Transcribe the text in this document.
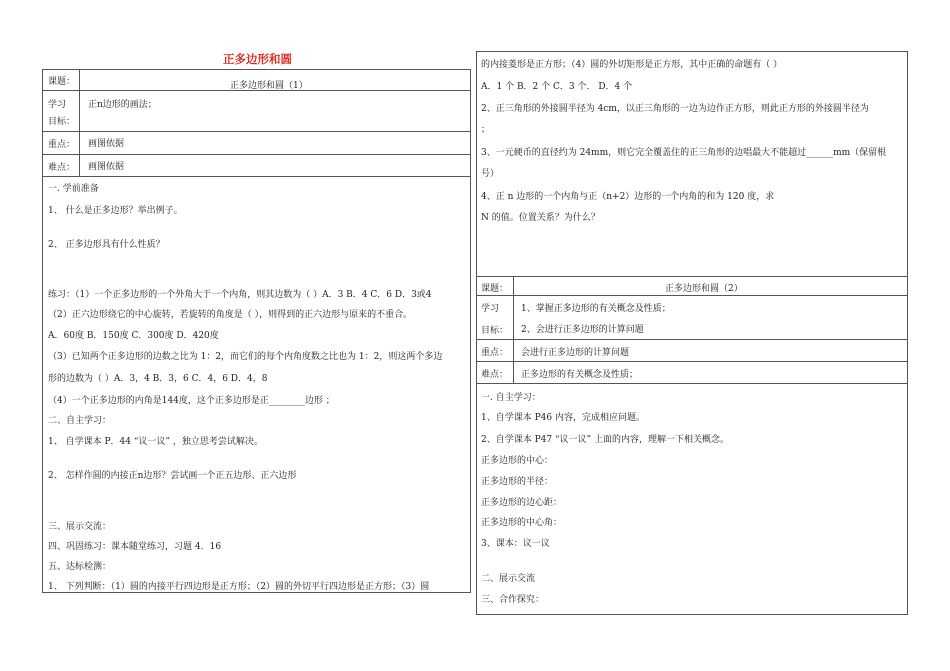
正多边形和圆
课题：	正多边形和圆（1）
学习
目标：
正n边形的画法；
重点： 画图依据
难点： 画图依据
一. 学前准备
1、 什么是正多边形？举出例子。
2、 正多边形具有什么性质？
练习：（1）一个正多边形的一个外角大于一个内角，则其边数为（ ）A．3 B．4 C．6 D．3或4
（2）正六边形绕它的中心旋转，若旋转的角度是（ ），则得到的正六边形与原来的不重合。
A．60度 B．150度 C．300度 D．420度
（3）已知两个正多边形的边数之比为 1：2，而它们的每个内角度数之比也为 1：2，则这两个多边
形的边数为（ ）A．3，4 B．3，6 C．4，6 D．4，8
（4）一个正多边形的内角是144度，这个正多边形是正________边形 ；
二、自主学习：
1、 自学课本 P．44 “议一议” ，独立思考尝试解决。
2、 怎样作圆的内接正n边形？尝试画一个正五边形、正六边形
三、展示交流：
四、巩固练习：课本随堂练习，习题 4．16
五、达标检测：
1、 下列判断：（1）圆的内接平行四边形是正方形；（2）圆的外切平行四边形是正方形；（3）圆
的内接菱形是正方形；（4）圆的外切矩形是正方形，其中正确的命题有（ ）
A．1 个 B．2 个 C．3 个． D．4 个
2、正三角形的外接圆半径为 4cm，以正三角形的一边为边作正方形，则此正方形的外接圆半径为
；
3、一元硬币的直径约为 24mm，则它完全覆盖住的正三角形的边唱最大不能超过______mm（保留根
号）
4、正 n 边形的一个内角与正（n+2）边形的一个内角的和为 120 度，求
N 的值。位置关系？为什么？
课题：	正多边形和圆（2）
学习
目标：
1、掌握正多边形的有关概念及性质；
2、会进行正多边形的计算问题
重点： 会进行正多边形的计算问题
难点： 正多边形的有关概念及性质；
一. 自主学习：
1、自学课本 P46 内容，完成相应问题。
2、自学课本 P47 “议一议” 上面的内容，理解一下相关概念。
正多边形的中心：
正多边形的半径：
正多边形的边心距：
正多边形的中心角：
3、课本：议一议
二、展示交流
三、合作探究：
